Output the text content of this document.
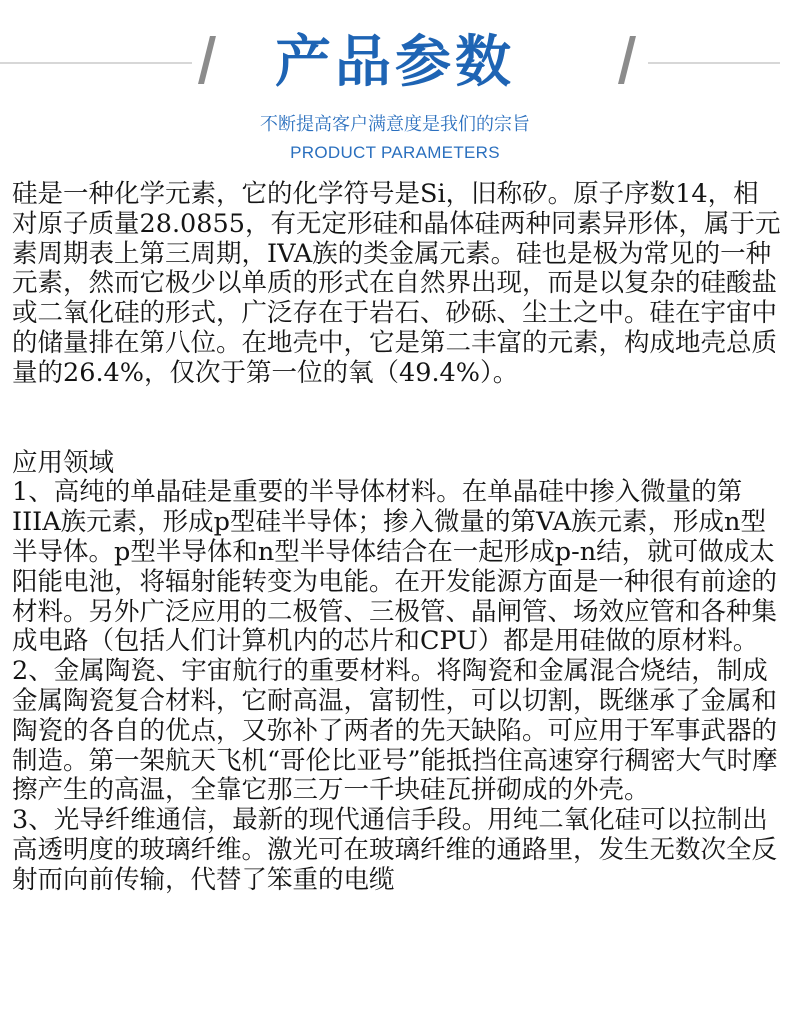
产品参数
不断提高客户满意度是我们的宗旨
PRODUCT PARAMETERS

硅是一种化学元素，它的化学符号是Si，旧称矽。原子序数14，相对原子质量28.0855，有无定形硅和晶体硅两种同素异形体，属于元素周期表上第三周期，IVA族的类金属元素。硅也是极为常见的一种元素，然而它极少以单质的形式在自然界出现，而是以复杂的硅酸盐或二氧化硅的形式，广泛存在于岩石、砂砾、尘土之中。硅在宇宙中的储量排在第八位。在地壳中，它是第二丰富的元素，构成地壳总质量的26.4%，仅次于第一位的氧（49.4%）。

应用领域

1、高纯的单晶硅是重要的半导体材料。在单晶硅中掺入微量的第IIIA族元素，形成p型硅半导体；掺入微量的第VA族元素，形成n型半导体。p型半导体和n型半导体结合在一起形成p-n结，就可做成太阳能电池，将辐射能转变为电能。在开发能源方面是一种很有前途的材料。另外广泛应用的二极管、三极管、晶闸管、场效应管和各种集成电路（包括人们计算机内的芯片和CPU）都是用硅做的原材料。

2、金属陶瓷、宇宙航行的重要材料。将陶瓷和金属混合烧结，制成金属陶瓷复合材料，它耐高温，富韧性，可以切割，既继承了金属和陶瓷的各自的优点，又弥补了两者的先天缺陷。可应用于军事武器的制造。第一架航天飞机“哥伦比亚号”能抵挡住高速穿行稠密大气时摩擦产生的高温，全靠它那三万一千块硅瓦拼砌成的外壳。

3、光导纤维通信，最新的现代通信手段。用纯二氧化硅可以拉制出高透明度的玻璃纤维。激光可在玻璃纤维的通路里，发生无数次全反射而向前传输，代替了笨重的电缆
